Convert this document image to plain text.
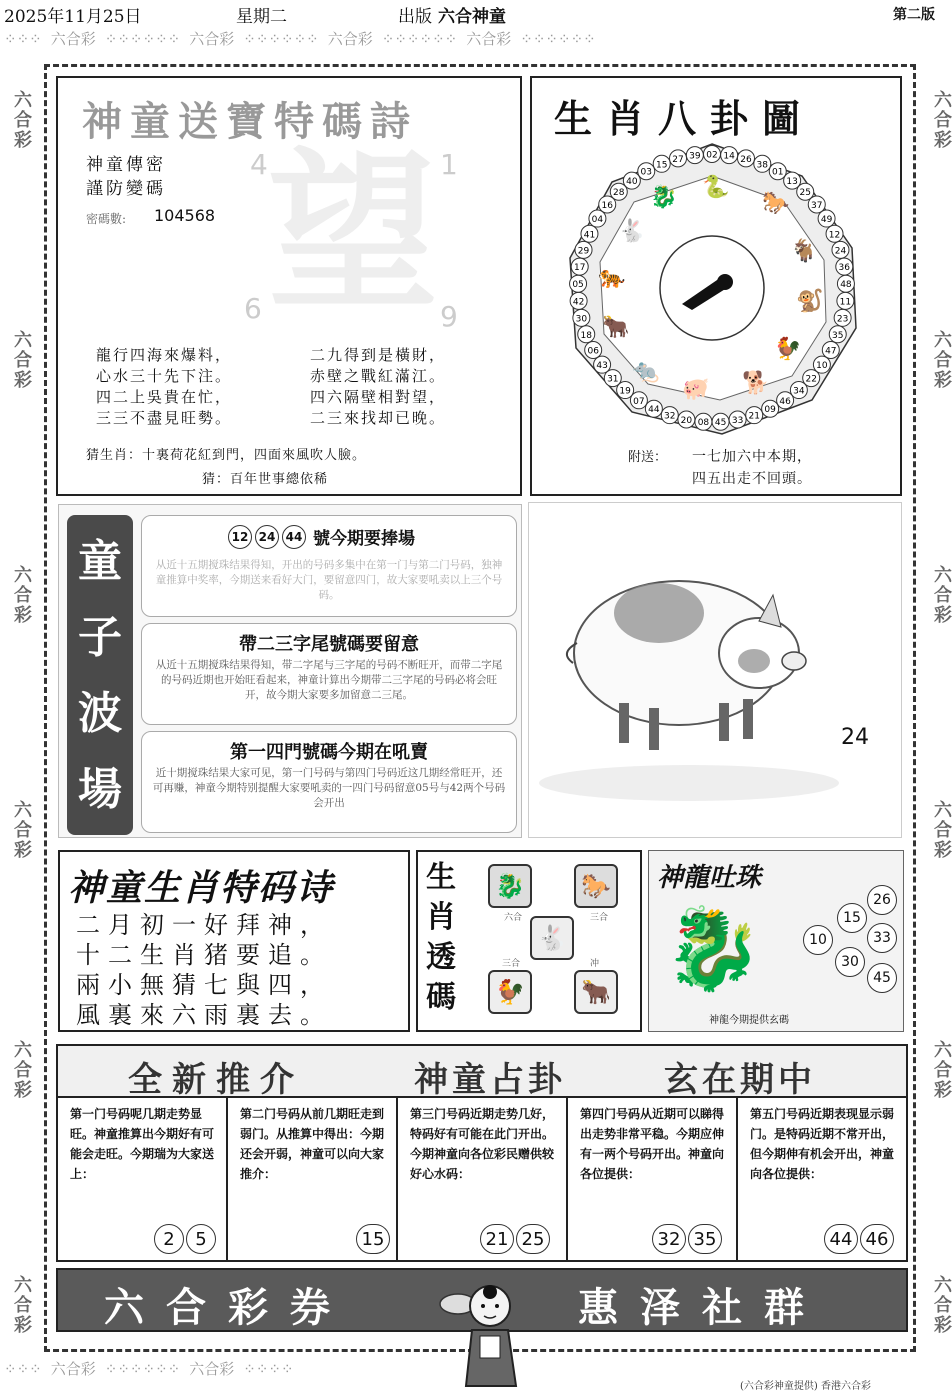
2025年11月25日	星期二	出版 六合神童	第二版
⁘⁘⁘ 六合彩 ⁘⁘⁘⁘⁘⁘ 六合彩 ⁘⁘⁘⁘⁘⁘ 六合彩 ⁘⁘⁘⁘⁘⁘ 六合彩 ⁘⁘⁘⁘⁘⁘
⁘⁘⁘ 六合彩 ⁘⁘⁘⁘⁘⁘ 六合彩 ⁘⁘⁘⁘
六合彩
六合彩
六合彩
六合彩
六合彩
六合彩
六合彩
六合彩
六合彩
六合彩
六合彩
六合彩
神童送寶特碼詩
神童傳密
謹防變碼
密碼數: 104568 望
4	1
6	9
龍行四海來爆料，
心水三十先下注。
四二上吳貴在忙，
三三不盡見旺勢。
二九得到是橫財，
赤壁之戰紅滿江。
四六隔壁相對望，
二三來找却已晚。
猜生肖：十裏荷花紅到門，四面來風吹人臉。
猜：百年世事總依稀
生肖八卦圖
02 14 26
38
01
13
25
37
49
12
24
36
48
11
23
35
47
10
22
34
46
09
21
33
45
08
20
32
44
07
19
31
43
06
18
30
42
05
17
29
41
04
16
28
40
03
15
27 39
🐉 🐍
🐎
🐐
🐒
🐓
🐕
🐖
🐀
🐂
🐅
🐇
附送： 一七加六中本期，
四五出走不回頭。
童
子
波
場
12 24 44 號今期要捧場
从近十五期搅珠结果得知，开出的号码多集中在第一门与第二门号码，独神童推算中奖率，今期送来看好大门，要留意四门，故大家要吼卖以上三个号码。
帶二三字尾號碼要留意
从近十五期搅珠结果得知，带二字尾与三字尾的号码不断旺开，而带二字尾的号码近期也开始旺看起来，神童计算出今期带二三字尾的号码必将会旺开，故今期大家要多加留意二三尾。
第一四門號碼今期在吼賣
近十期搅珠结果大家可见，第一门号码与第四门号码近这几期经常旺开，还可再赚，神童今期特别提醒大家要吼卖的一四门号码留意05号与42两个号码会开出
24
神童生肖特码诗
二月初一好拜神，
十二生肖猪要追。
兩小無猜七與四，
風裏來六雨裏去。
生
肖
透
碼
🐉 🐎
🐇
🐓 🐂
六合	三合
三合	冲
神龍吐珠
🐉
26
15
33
10
30
45
神龍今期提供玄碼
全新推介	神童占卦	玄在期中
第一门号码呢几期走势显旺。神童推算出今期好有可能会走旺。今期瑞为大家送上：
2	5
第二门号码从前几期旺走到弱门。从推算中得出：今期还会开弱，神童可以向大家推介：
15
第三门号码近期走势几好，特码好有可能在此门开出。今期神童向各位彩民赠供较好心水码：
21 25
第四门号码从近期可以睇得出走势非常平稳。今期应伸有一两个号码开出。神童向各位提供：
32 35
第五门号码近期表现显示弱门。是特码近期不常开出，但今期伸有机会开出，神童向各位提供：
44 46
六合彩券	惠泽社群
(六合彩神童提供) 香港六合彩
